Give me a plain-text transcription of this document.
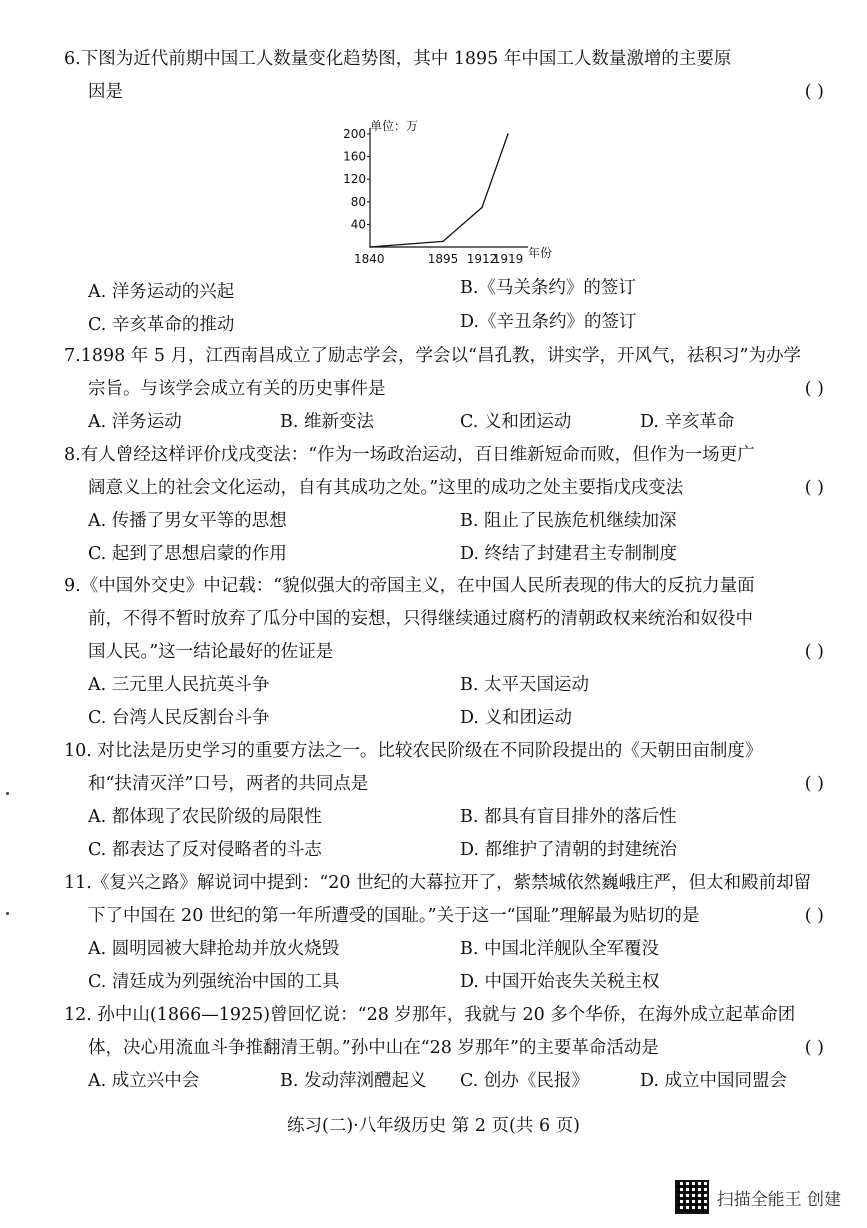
6.下图为近代前期中国工人数量变化趋势图，其中 1895 年中国工人数量激增的主要原
因是	( )
单位：万
年份
40
80
120
160
200
1840	1895 1912
1919
A. 洋务运动的兴起	B.《马关条约》的签订
C. 辛亥革命的推动	D.《辛丑条约》的签订
7.1898 年 5 月，江西南昌成立了励志学会，学会以“昌孔教，讲实学，开风气，祛积习”为办学
宗旨。与该学会成立有关的历史事件是	( )
A. 洋务运动	B. 维新变法	C. 义和团运动	D. 辛亥革命
8.有人曾经这样评价戊戌变法：“作为一场政治运动，百日维新短命而败，但作为一场更广
阔意义上的社会文化运动，自有其成功之处。”这里的成功之处主要指戊戌变法	( )
A. 传播了男女平等的思想	B. 阻止了民族危机继续加深
C. 起到了思想启蒙的作用	D. 终结了封建君主专制制度
9.《中国外交史》中记载：“貌似强大的帝国主义，在中国人民所表现的伟大的反抗力量面
前，不得不暂时放弃了瓜分中国的妄想，只得继续通过腐朽的清朝政权来统治和奴役中
国人民。”这一结论最好的佐证是	( )
A. 三元里人民抗英斗争	B. 太平天国运动
C. 台湾人民反割台斗争	D. 义和团运动
10. 对比法是历史学习的重要方法之一。比较农民阶级在不同阶段提出的《天朝田亩制度》
和“扶清灭洋”口号，两者的共同点是	( )
A. 都体现了农民阶级的局限性	B. 都具有盲目排外的落后性
C. 都表达了反对侵略者的斗志	D. 都维护了清朝的封建统治
11.《复兴之路》解说词中提到：“20 世纪的大幕拉开了，紫禁城依然巍峨庄严，但太和殿前却留
下了中国在 20 世纪的第一年所遭受的国耻。”关于这一“国耻”理解最为贴切的是	( )
A. 圆明园被大肆抢劫并放火烧毁	B. 中国北洋舰队全军覆没
C. 清廷成为列强统治中国的工具	D. 中国开始丧失关税主权
12. 孙中山(1866—1925)曾回忆说：“28 岁那年，我就与 20 多个华侨，在海外成立起革命团
体，决心用流血斗争推翻清王朝。”孙中山在“28 岁那年”的主要革命活动是	( )
A. 成立兴中会	B. 发动萍浏醴起义 C. 创办《民报》	D. 成立中国同盟会
练习(二)·八年级历史 第 2 页(共 6 页)
扫描全能王 创建
